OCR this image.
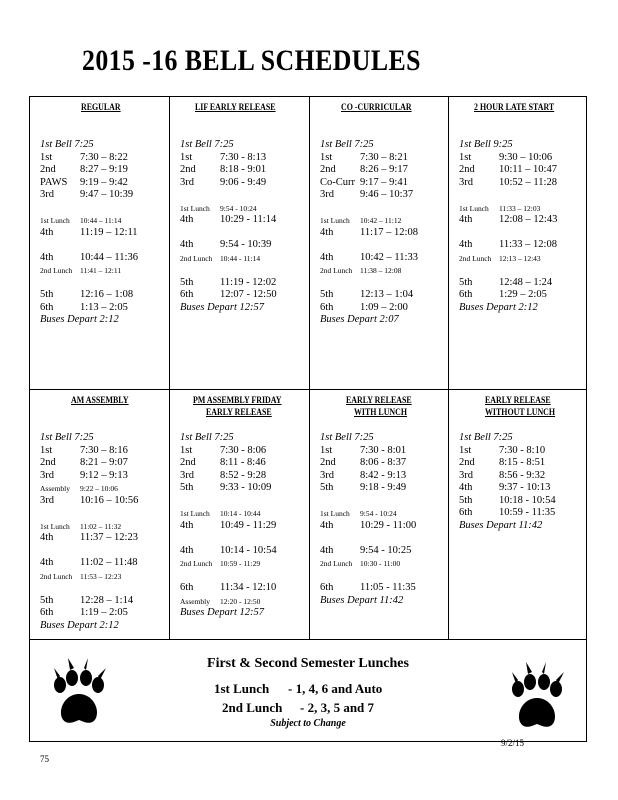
2015 -16 BELL SCHEDULES
REGULAR
1st Bell 7:25
1st	7:30 – 8:22
2nd 8:27 – 9:19
PAWS 9:19 – 9:42
3rd 9:47 – 10:39
1st Lunch 10:44 – 11:14
4th	11:19 – 12:11
4th	10:44 – 11:36
2nd Lunch 11:41 – 12:11
5th	12:16 – 1:08
6th	1:13 – 2:05
Buses Depart 2:12
LIF EARLY RELEASE
1st Bell 7:25
1st	7:30 - 8:13
2nd 8:18 - 9:01
3rd 9:06 - 9:49
1st Lunch 9:54 - 10:24
4th	10:29 - 11:14
4th	9:54 - 10:39
2nd Lunch 10:44 - 11:14
5th	11:19 - 12:02
6th	12:07 - 12:50
Buses Depart 12:57
CO -CURRICULAR
1st Bell 7:25
1st	7:30 – 8:21
2nd 8:26 – 9:17
Co-Curr 9:17 – 9:41
3rd 9:46 – 10:37
1st Lunch 10:42 – 11:12
4th	11:17 – 12:08
4th	10:42 – 11:33
2nd Lunch 11:38 – 12:08
5th	12:13 – 1:04
6th	1:09 – 2:00
Buses Depart 2:07
2 HOUR LATE START
1st Bell 9:25
1st	9:30 – 10:06
2nd 10:11 – 10:47
3rd 10:52 – 11:28
1st Lunch 11:33 – 12:03
4th	12:08 – 12:43
4th	11:33 – 12:08
2nd Lunch 12:13 – 12:43
5th	12:48 – 1:24
6th	1:29 – 2:05
Buses Depart 2:12
AM ASSEMBLY
1st Bell 7:25
1st	7:30 – 8:16
2nd 8:21 – 9:07
3rd 9:12 – 9:13
Assembly 9:22 – 10:06
3rd 10:16 – 10:56
1st Lunch 11:02 – 11:32
4th	11:37 – 12:23
4th	11:02 – 11:48
2nd Lunch 11:53 – 12:23
5th	12:28 – 1:14
6th	1:19 – 2:05
Buses Depart 2:12
PM ASSEMBLY FRIDAY
EARLY RELEASE
1st Bell 7:25
1st	7:30 - 8:06
2nd 8:11 - 8:46
3rd 8:52 - 9:28
5th	9:33 - 10:09
1st Lunch 10:14 - 10:44
4th	10:49 - 11:29
4th	10:14 - 10:54
2nd Lunch 10:59 - 11:29
6th	11:34 - 12:10
Assembly 12:20 - 12:50
Buses Depart 12:57
EARLY RELEASE
WITH LUNCH
1st Bell 7:25
1st	7:30 - 8:01
2nd 8:06 - 8:37
3rd 8:42 - 9:13
5th	9:18 - 9:49
1st Lunch 9:54 - 10:24
4th	10:29 - 11:00
4th	9:54 - 10:25
2nd Lunch 10:30 - 11:00
6th	11:05 - 11:35
Buses Depart 11:42
EARLY RELEASE
WITHOUT LUNCH
1st Bell 7:25
1st	7:30 - 8:10
2nd 8:15 - 8:51
3rd 8:56 - 9:32
4th	9:37 - 10:13
5th	10:18 - 10:54
6th	10:59 - 11:35
Buses Depart 11:42
First & Second Semester Lunches
1st Lunch - 1, 4, 6 and Auto
2nd Lunch - 2, 3, 5 and 7
Subject to Change
9/2/15
75
